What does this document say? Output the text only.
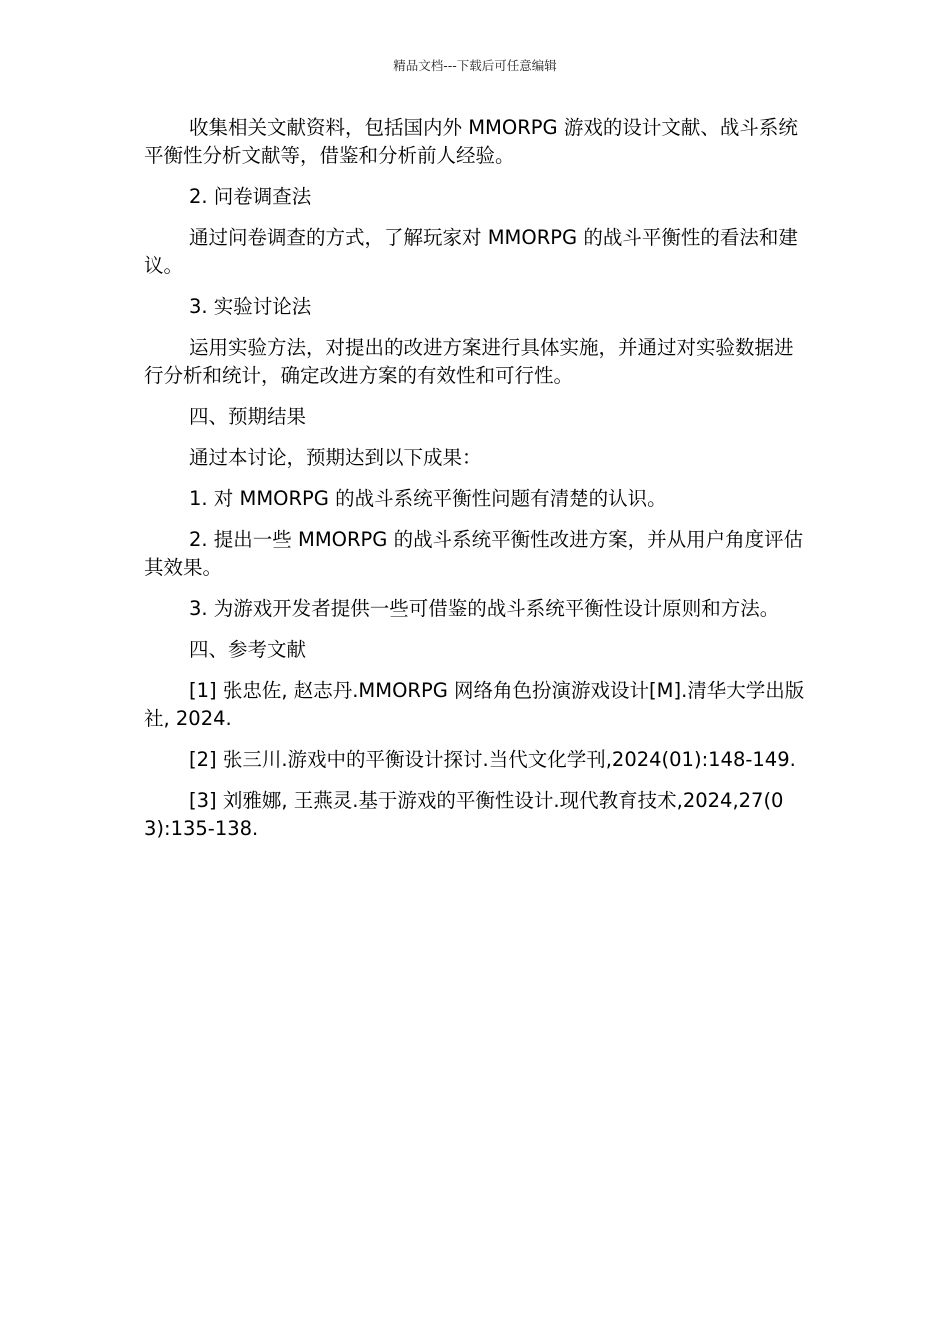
精品文档---下载后可任意编辑

收集相关文献资料，包括国内外 MMORPG 游戏的设计文献、战斗系统平衡性分析文献等，借鉴和分析前人经验。

2. 问卷调查法

通过问卷调查的方式，了解玩家对 MMORPG 的战斗平衡性的看法和建议。

3. 实验讨论法

运用实验方法，对提出的改进方案进行具体实施，并通过对实验数据进行分析和统计，确定改进方案的有效性和可行性。

四、预期结果

通过本讨论，预期达到以下成果：

1. 对 MMORPG 的战斗系统平衡性问题有清楚的认识。

2. 提出一些 MMORPG 的战斗系统平衡性改进方案，并从用户角度评估其效果。

3. 为游戏开发者提供一些可借鉴的战斗系统平衡性设计原则和方法。

四、参考文献

[1] 张忠佐, 赵志丹.MMORPG 网络角色扮演游戏设计[M].清华大学出版社, 2024.

[2] 张三川.游戏中的平衡设计探讨.当代文化学刊,2024(01):148-149.

[3] 刘雅娜, 王燕灵.基于游戏的平衡性设计.现代教育技术,2024,27(03):135-138.
